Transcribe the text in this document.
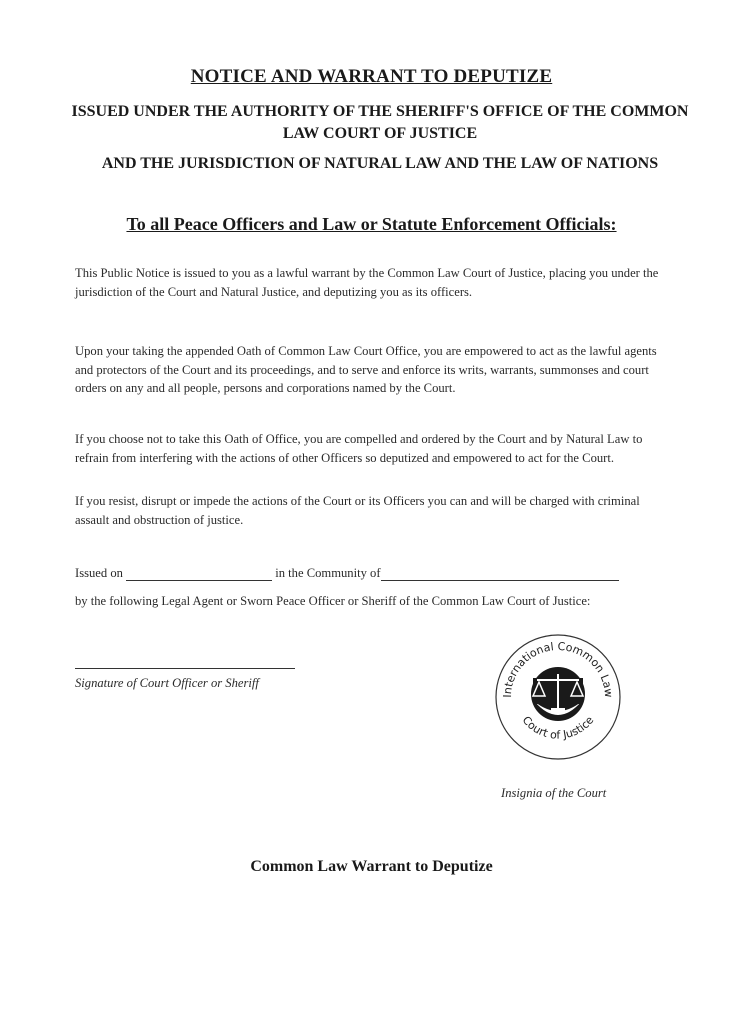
NOTICE AND WARRANT TO DEPUTIZE
ISSUED UNDER THE AUTHORITY OF THE SHERIFF'S OFFICE OF THE COMMON LAW COURT OF JUSTICE
AND THE JURISDICTION OF NATURAL LAW AND THE LAW OF NATIONS
To all Peace Officers and Law or Statute Enforcement Officials:
This Public Notice is issued to you as a lawful warrant by the Common Law Court of Justice, placing you under the jurisdiction of the Court and Natural Justice, and deputizing you as its officers.
Upon your taking the appended Oath of Common Law Court Office, you are empowered to act as the lawful agents and protectors of the Court and its proceedings, and to serve and enforce its writs, warrants, summonses and court orders on any and all people, persons and corporations named by the Court.
If you choose not to take this Oath of Office, you are compelled and ordered by the Court and by Natural Law to refrain from interfering with the actions of other Officers so deputized and empowered to act for the Court.
If you resist, disrupt or impede the actions of the Court or its Officers you can and will be charged with criminal assault and obstruction of justice.
Issued on	in the Community of
by the following Legal Agent or Sworn Peace Officer or Sheriff of the Common Law Court of Justice:
Signature of Court Officer or Sheriff
International Common Law
Court of Justice
Insignia of the Court
Common Law Warrant to Deputize
